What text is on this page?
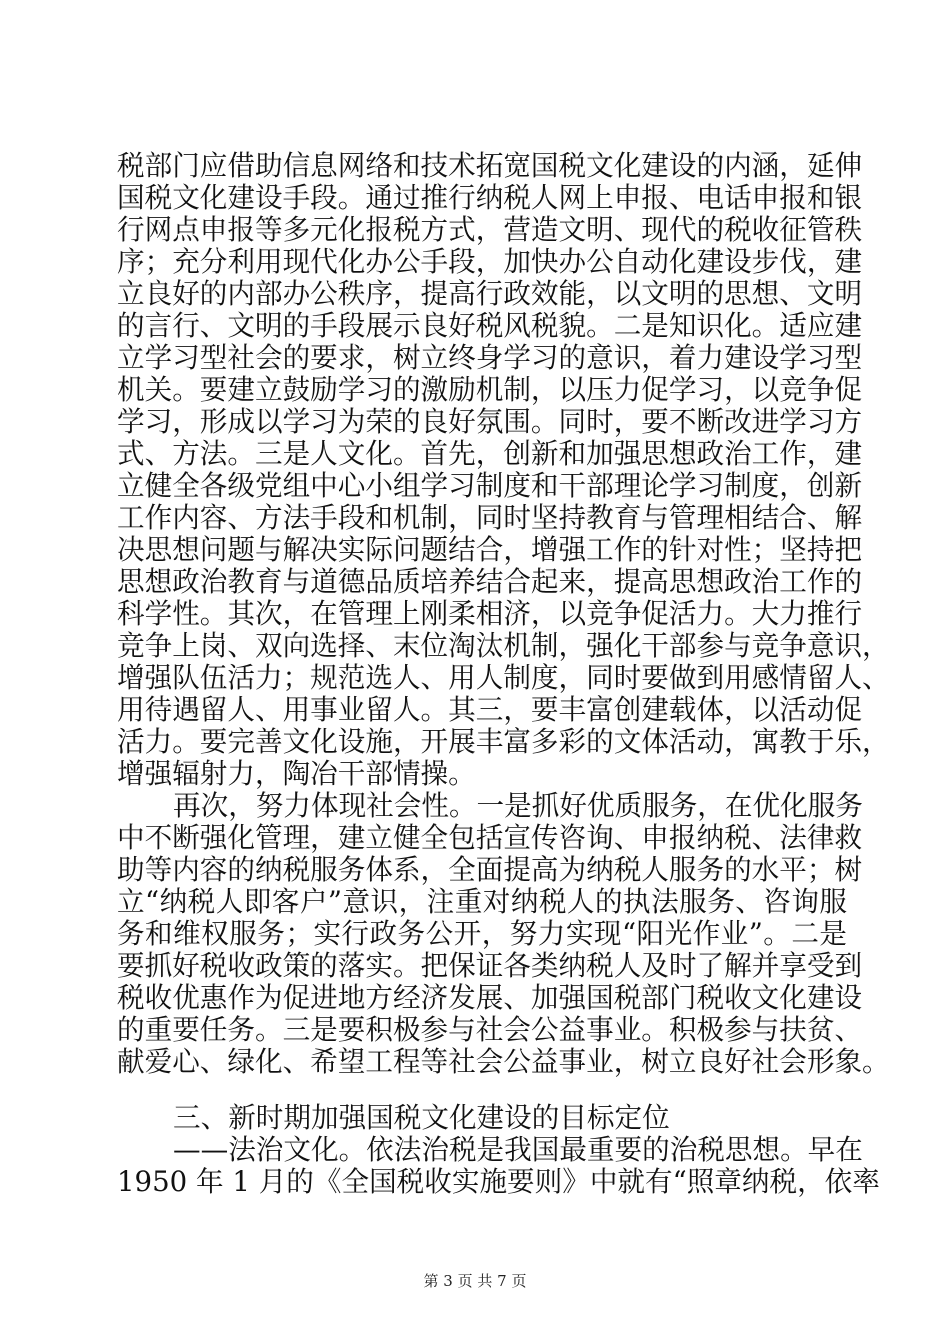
税部门应借助信息网络和技术拓宽国税文化建设的内涵，延伸
国税文化建设手段。通过推行纳税人网上申报、电话申报和银
行网点申报等多元化报税方式，营造文明、现代的税收征管秩
序；充分利用现代化办公手段，加快办公自动化建设步伐，建
立良好的内部办公秩序，提高行政效能，以文明的思想、文明
的言行、文明的手段展示良好税风税貌。二是知识化。适应建
立学习型社会的要求，树立终身学习的意识，着力建设学习型
机关。要建立鼓励学习的激励机制，以压力促学习，以竞争促
学习，形成以学习为荣的良好氛围。同时，要不断改进学习方
式、方法。三是人文化。首先，创新和加强思想政治工作，建
立健全各级党组中心小组学习制度和干部理论学习制度，创新
工作内容、方法手段和机制，同时坚持教育与管理相结合、解
决思想问题与解决实际问题结合，增强工作的针对性；坚持把
思想政治教育与道德品质培养结合起来，提高思想政治工作的
科学性。其次，在管理上刚柔相济，以竞争促活力。大力推行
竞争上岗、双向选择、末位淘汰机制，强化干部参与竞争意识，
增强队伍活力；规范选人、用人制度，同时要做到用感情留人、
用待遇留人、用事业留人。其三，要丰富创建载体，以活动促
活力。要完善文化设施，开展丰富多彩的文体活动，寓教于乐，
增强辐射力，陶冶干部情操。
再次，努力体现社会性。一是抓好优质服务，在优化服务
中不断强化管理，建立健全包括宣传咨询、申报纳税、法律救
助等内容的纳税服务体系，全面提高为纳税人服务的水平；树
立“纳税人即客户”意识，注重对纳税人的执法服务、咨询服
务和维权服务；实行政务公开，努力实现“阳光作业”。二是
要抓好税收政策的落实。把保证各类纳税人及时了解并享受到
税收优惠作为促进地方经济发展、加强国税部门税收文化建设
的重要任务。三是要积极参与社会公益事业。积极参与扶贫、
献爱心、绿化、希望工程等社会公益事业，树立良好社会形象。
三、新时期加强国税文化建设的目标定位
——法治文化。依法治税是我国最重要的治税思想。早在
1950 年 1 月的《全国税收实施要则》中就有“照章纳税，依率
第 3 页 共 7 页
